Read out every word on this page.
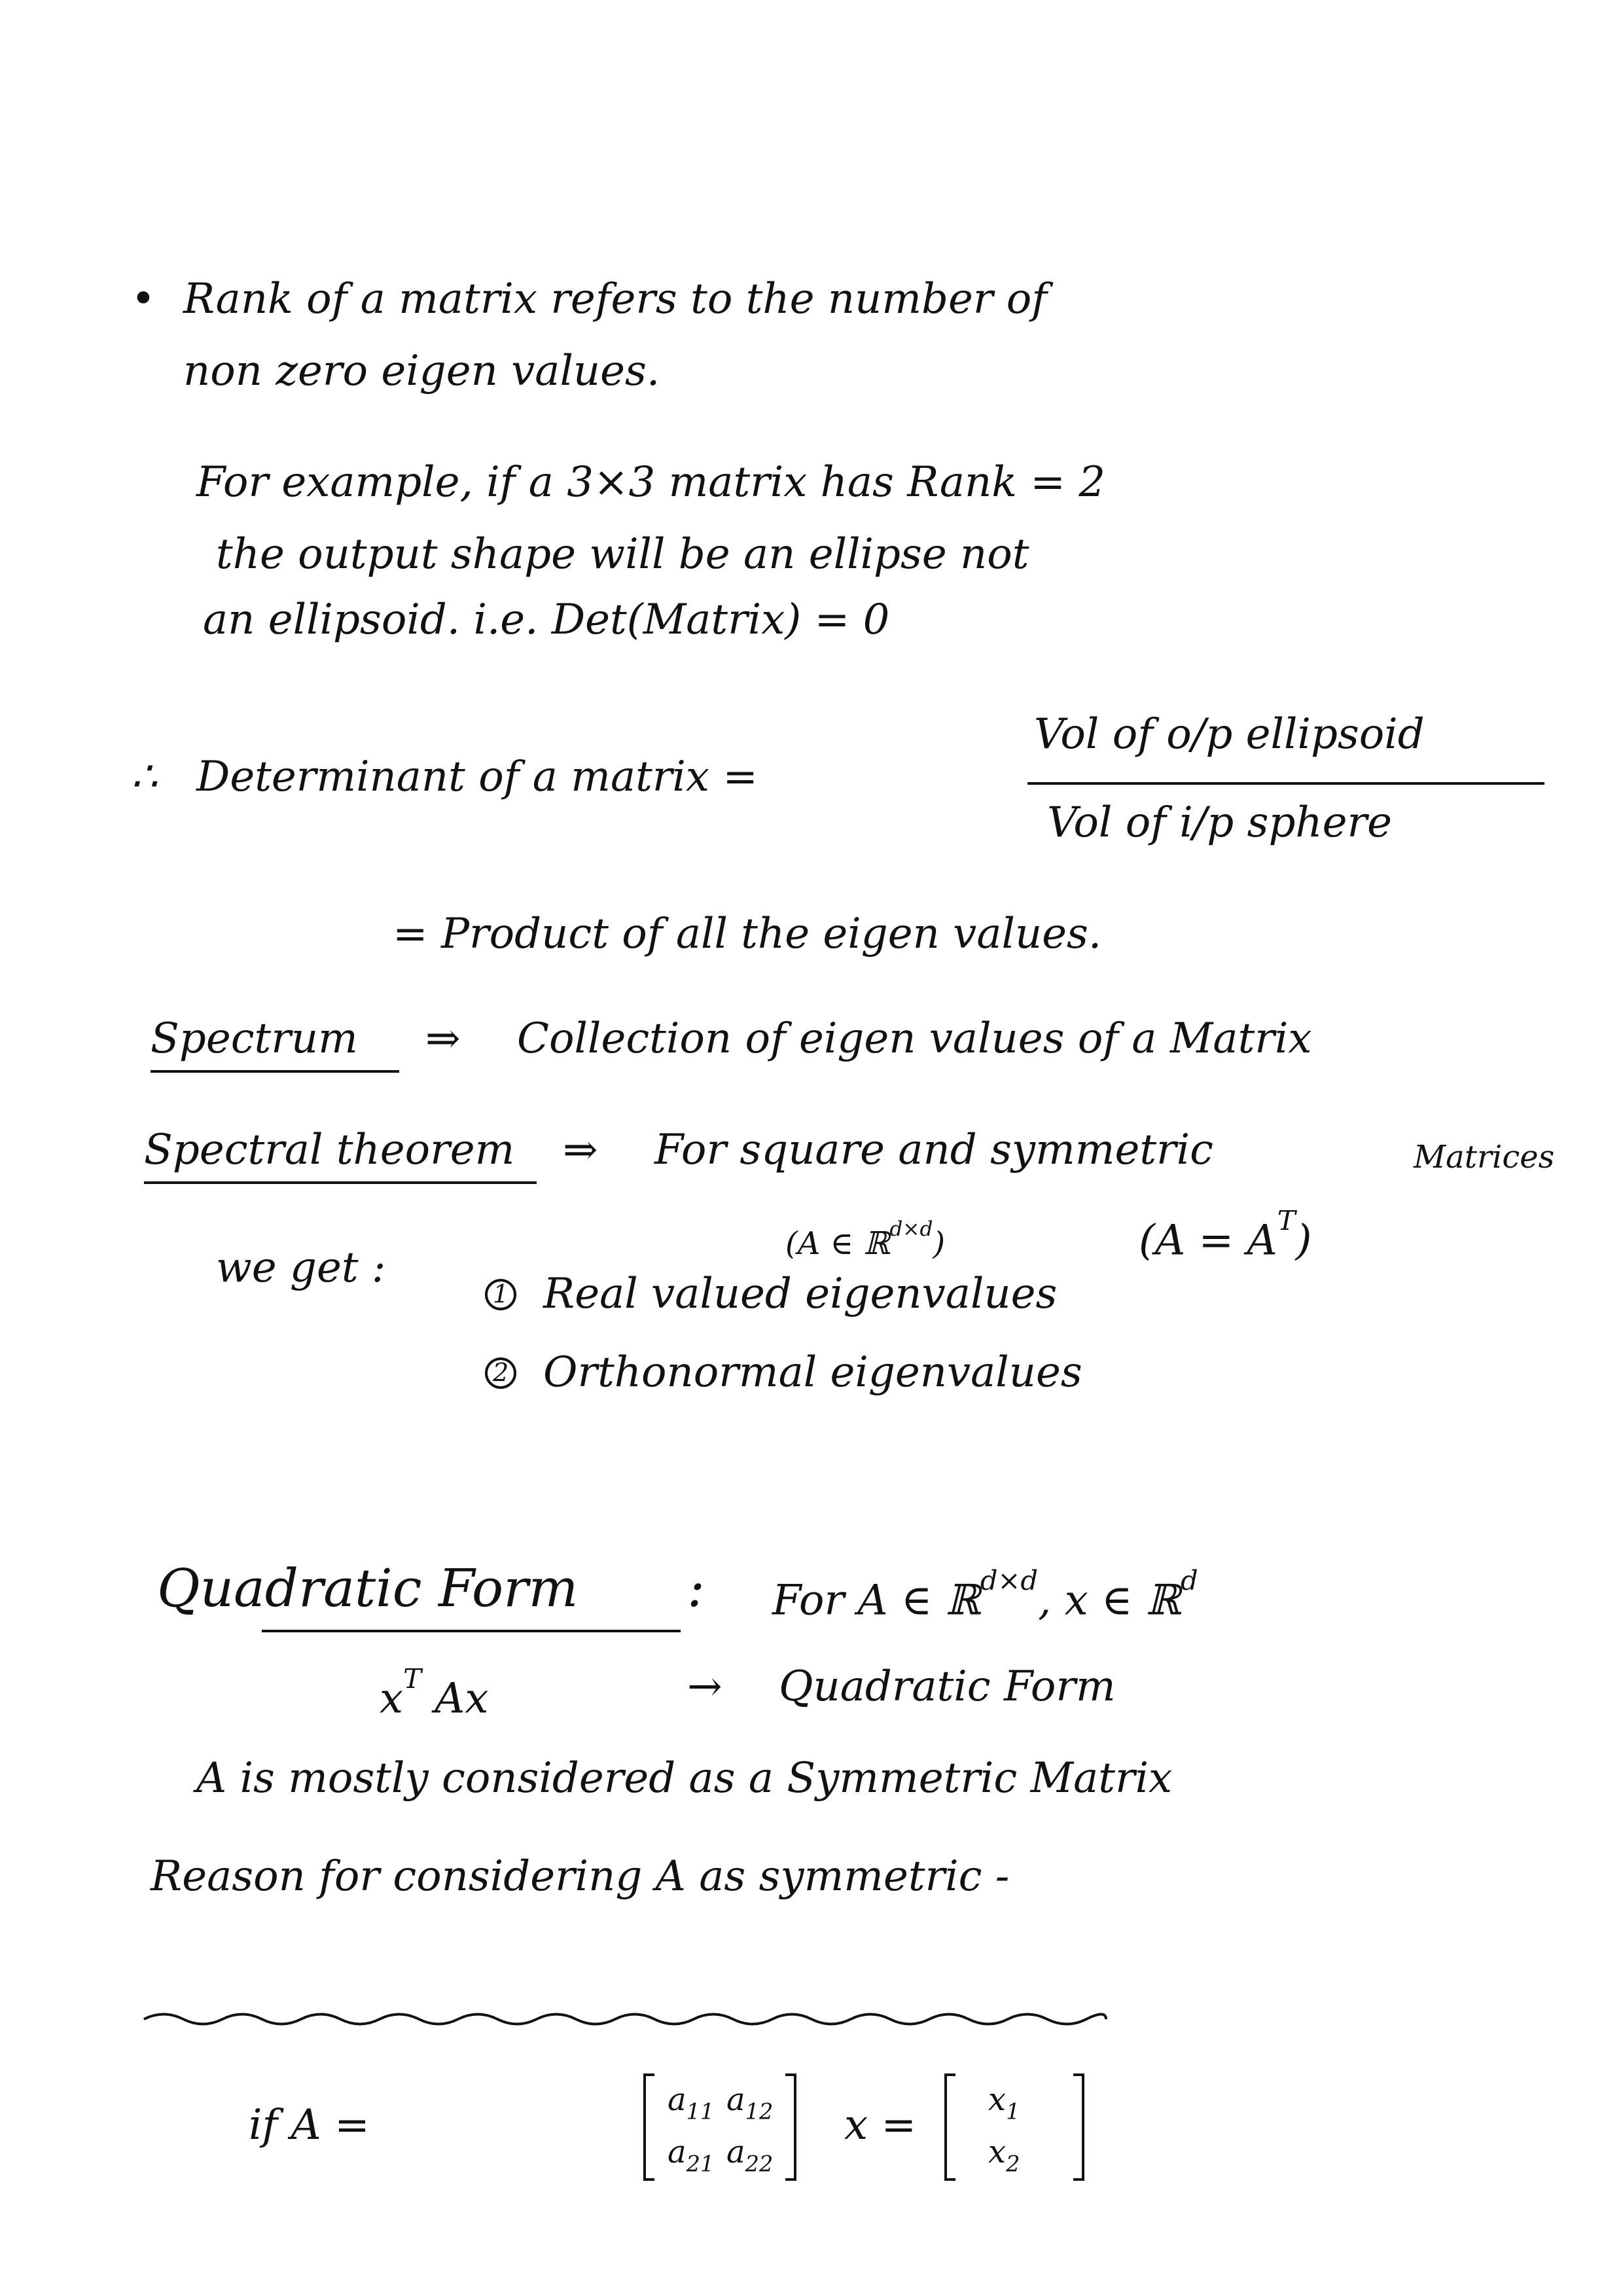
• Rank of a matrix refers to the number of
non zero eigen values.
For example, if a 3×3 matrix has Rank = 2
the output shape will be an ellipse not
an ellipsoid. i.e. Det(Matrix) = 0
∴ Determinant of a matrix =
Vol of o/p ellipsoid
Vol of i/p sphere
= Product of all the eigen values.
Spectrum ⇒ Collection of eigen values of a Matrix
Spectral theorem ⇒ For square and symmetric	Matrices
(A ∈ ℝ$^{d\times d}$)	$(A = A^T)$
we get :
1 Real valued eigenvalues
2 Orthonormal eigenvalues
Quadratic Form : For A ∈ ℝ$^{d\times d}$, x ∈ ℝ$^d$
$x^T$ Ax	→ Quadratic Form
A is mostly considered as a Symmetric Matrix
Reason for considering A as symmetric -
if A =
$a_{11}$ $a_{12}$
$a_{21}$ $a_{22}$
x =
$x_1$
$x_2$
